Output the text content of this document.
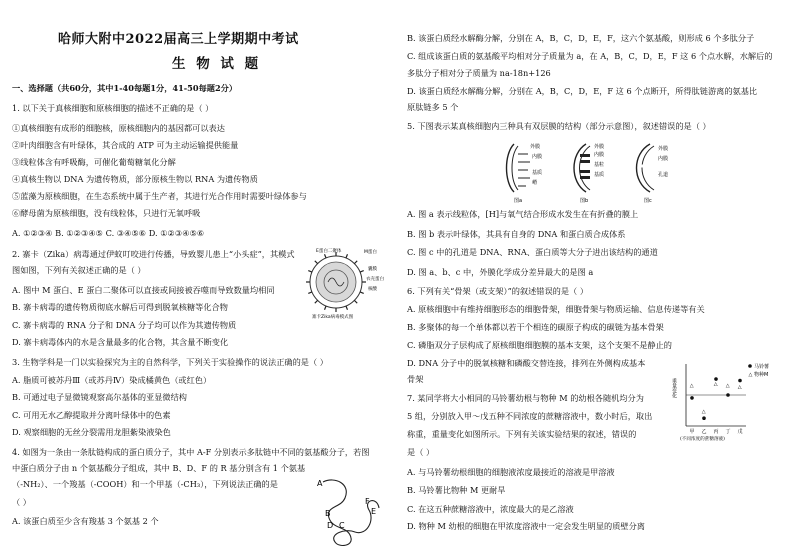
哈师大附中2022届高三上学期期中考试
生 物 试 题
一、选择题（共60分，其中1-40每题1分，41-50每题2分）
1. 以下关于真核细胞和原核细胞的描述不正确的是（ ）
①真核细胞有成形的细胞核，原核细胞内的基因都可以表达
②叶肉细胞含有叶绿体，其合成的 ATP 可为主动运输提供能量
③线粒体含有呼吸酶，可催化葡萄糖氧化分解
④真核生物以 DNA 为遗传物质，部分原核生物以 RNA 为遗传物质
⑤蓝藻为原核细胞，在生态系统中属于生产者，其进行光合作用时需要叶绿体参与
⑥酵母菌为原核细胞，没有线粒体，只进行无氧呼吸
A. ①②③④ B. ①②③④⑤ C. ③④⑤⑥ D. ①②③④⑤⑥
2. 寨卡（Zika）病毒通过伊蚊叮咬进行传播，导致婴儿患上“小头症”，其模式
图如图，下列有关叙述正确的是（ ）
A. 图中 M 蛋白、E 蛋白二聚体可以直接或间接被吞噬而导致数量均相同
B. 寨卡病毒的遗传物质彻底水解后可得到脱氧核糖等化合物
C. 寨卡病毒的 RNA 分子和 DNA 分子均可以作为其遗传物质
D. 寨卡病毒体内的水是含量最多的化合物，其含量不断变化
3. 生物学科是一门以实验探究为主的自然科学，下列关于实验操作的说法正确的是（ ）
A. 脂质可被苏丹Ⅲ（或苏丹Ⅳ）染成橘黄色（或红色）
B. 可通过电子显微镜观察高尔基体的亚显微结构
C. 可用无水乙醇提取并分离叶绿体中的色素
D. 观察细胞的无丝分裂需用龙胆紫染液染色
4. 如图为一条由一条肽链构成的蛋白质分子，其中 A-F 分别表示多肽链中不同的氨基酸分子，若图
中蛋白质分子由 n 个氨基酸分子组成，其中 B、D、F 的 R 基分别含有 1 个氨基
（-NH₂）、一个羧基（-COOH）和一个甲基（-CH₃），下列说法正确的是
（ ）
A. 该蛋白质至少含有羧基 3 个氨基 2 个
B. 该蛋白质经水解酶分解，分别在 A，B，C，D，E，F，这六个氨基酸，则形成 6 个多肽分子
C. 组成该蛋白质的氨基酸平均相对分子质量为 a，在 A，B，C，D，E，F 这 6 个点水解，水解后的
多肽分子相对分子质量为 na-18n+126
D. 该蛋白质经水解酶分解，分别在 A，B，C，D，E，F 这 6 个点断开，所得肽链游离的氨基比
原肽链多 5 个
5. 下图表示某真核细胞内三种具有双层膜的结构（部分示意图），叙述错误的是（ ）
A. 图 a 表示线粒体，[H]与氧气结合形成水发生在有折叠的膜上
B. 图 b 表示叶绿体，其具有自身的 DNA 和蛋白质合成体系
C. 图 c 中的孔道是 DNA、RNA、蛋白质等大分子进出该结构的通道
D. 图 a、b、c 中，外膜化学成分差异最大的是图 a
6. 下列有关“骨架（或支架）”的叙述错误的是（ ）
A. 原核细胞中有维持细胞形态的细胞骨架，细胞骨架与物质运输、信息传递等有关
B. 多聚体的每一个单体都以若干个相连的碳原子构成的碳链为基本骨架
C. 磷脂双分子层构成了原核细胞细胞膜的基本支架，这个支架不是静止的
D. DNA 分子中的脱氧核糖和磷酸交替连接，排列在外侧构成基本
骨架
7. 某同学将大小相同的马铃薯幼根与物种 M 的幼根各随机均分为
5 组，分别放入甲～戊五种不同浓度的蔗糖溶液中，数小时后，取出
称重，重量变化如图所示。下列有关该实验结果的叙述，错误的
是（ ）
A. 与马铃薯幼根细胞的细胞液浓度最接近的溶液是甲溶液
B. 马铃薯比物种 M 更耐旱
C. 在这五种蔗糖溶液中，浓度最大的是乙溶液
D. 物种 M 幼根的细胞在甲浓度溶液中一定会发生明显的质壁分离
E蛋白二聚体	M蛋白
囊膜
衣壳蛋白
核酸
寨卡Zika病毒模式图
A
B
C
D
E
F
外膜
内膜
基质
嵴
图a
外膜
内膜
基粒
基质
图b
外膜
内膜
孔道
图c
重量变化
甲 乙 丙 丁 戊
△
△
△ △ △
(不同浓度的蔗糖溶液)
马铃薯
△ 物种M
